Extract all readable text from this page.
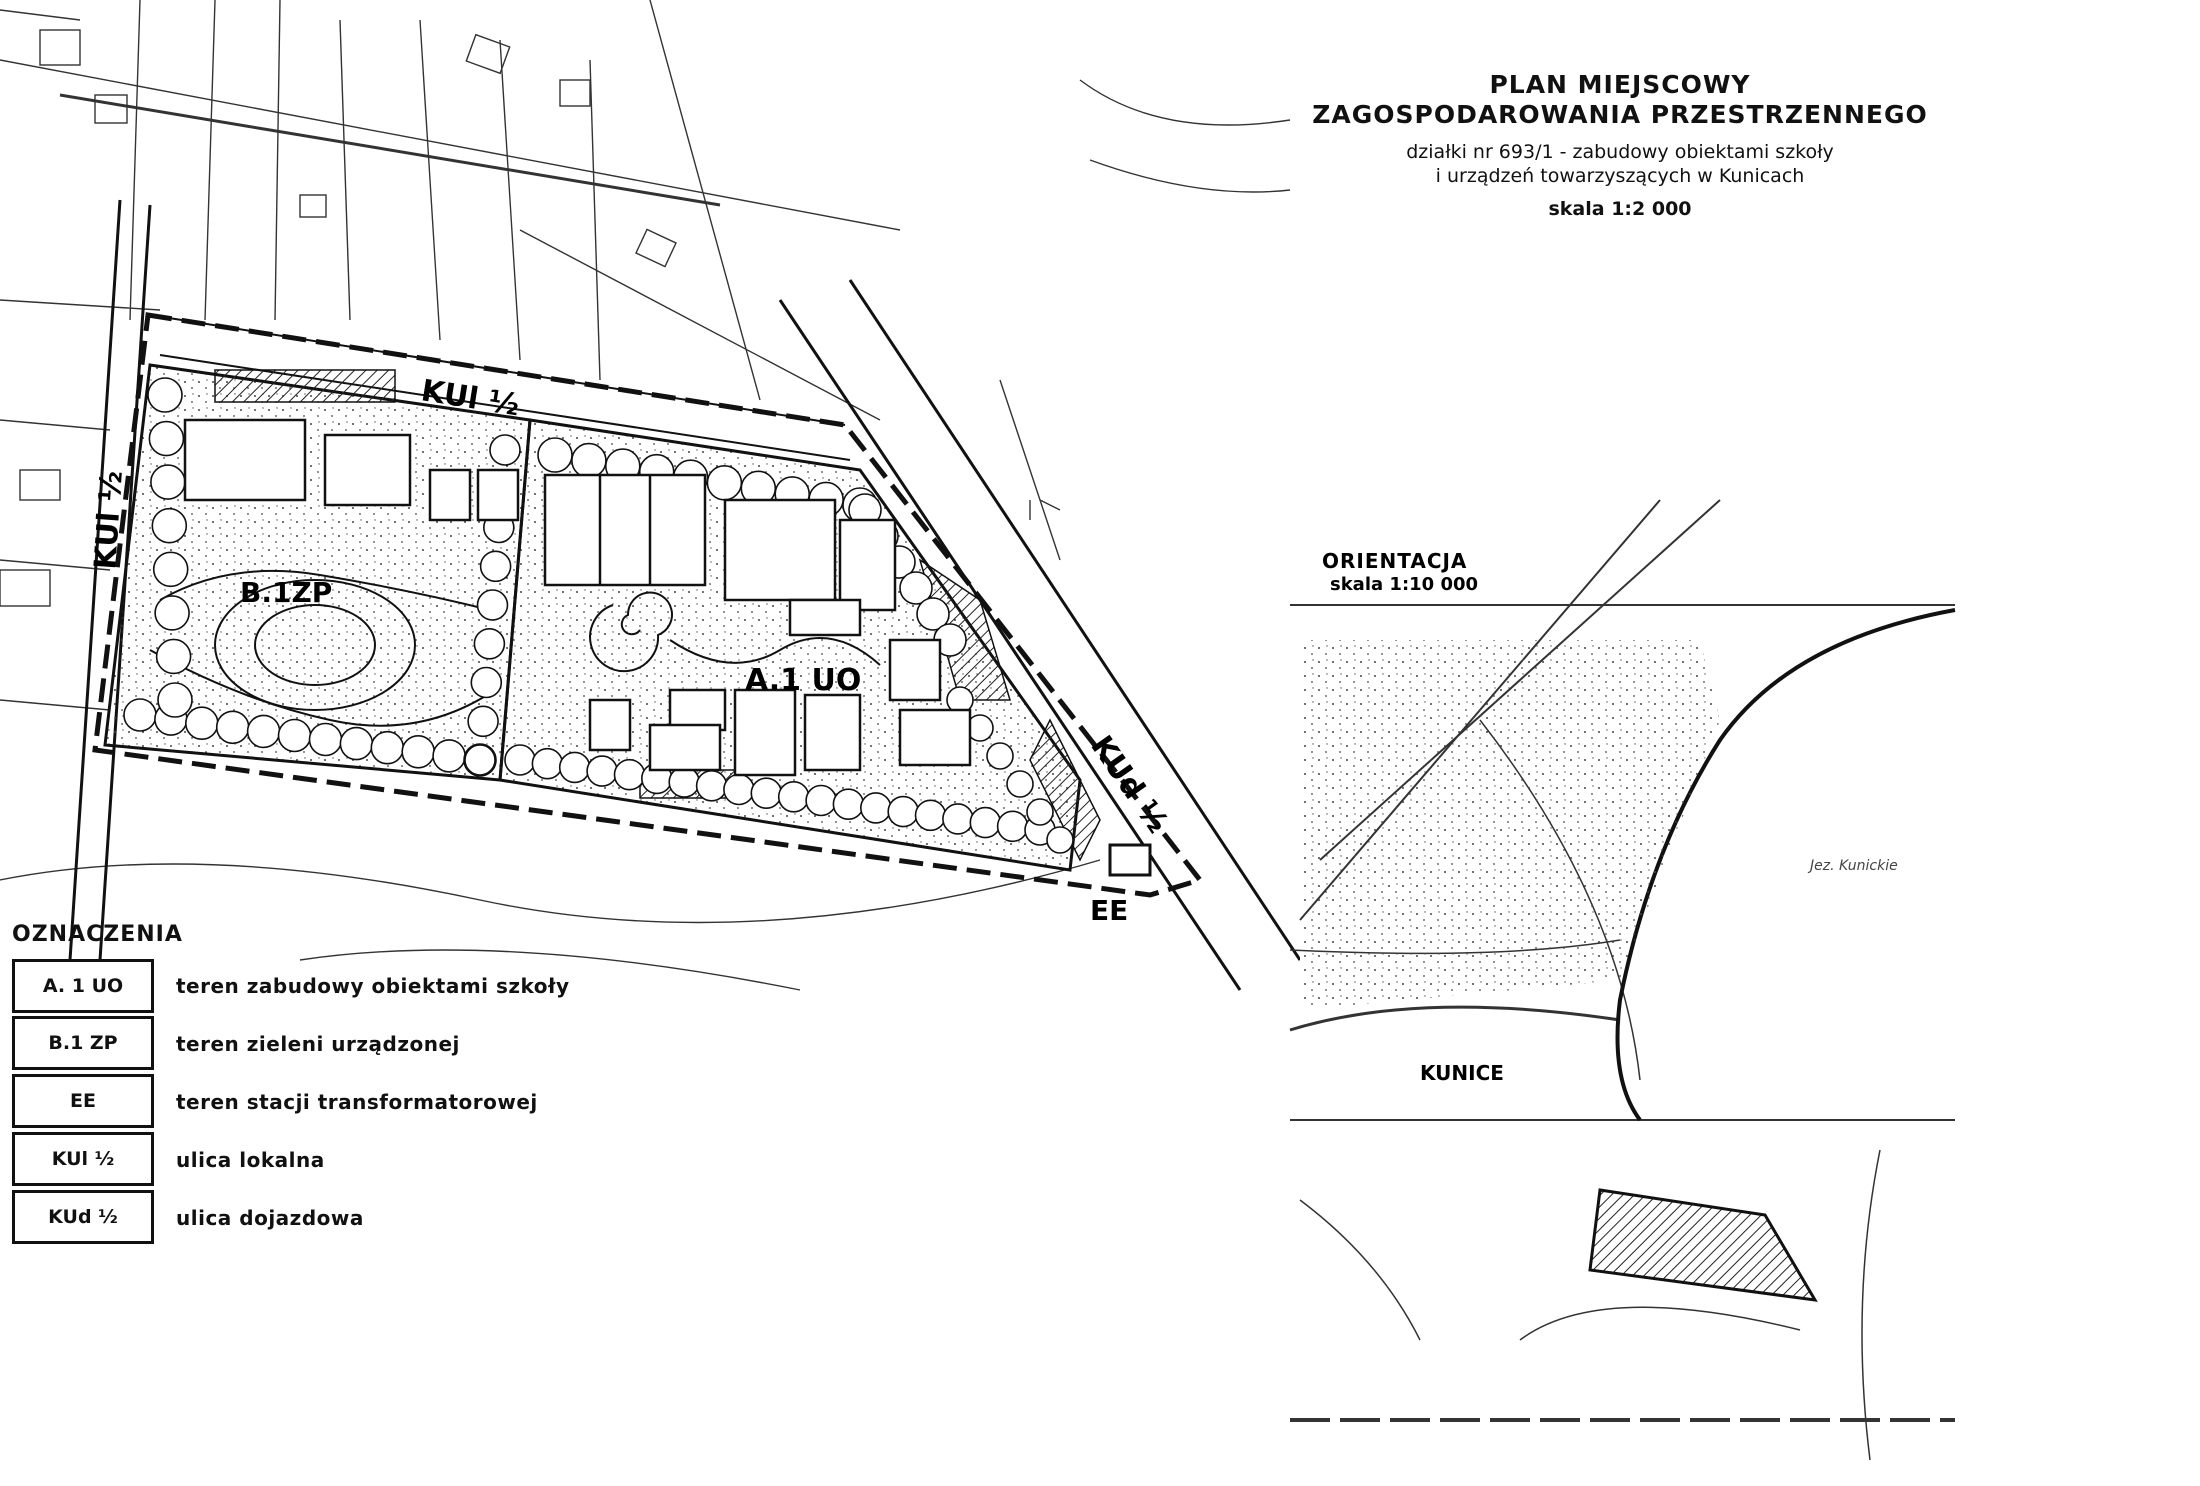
KUl ½
KUl ½
KUd ½
B.1ZP
A.1 UO
EE
PLAN MIEJSCOWY
ZAGOSPODAROWANIA PRZESTRZENNEGO
działki nr 693/1 - zabudowy obiektami szkoły
i urządzeń towarzyszących w Kunicach
skala 1:2 000
ORIENTACJA
skala 1:10 000
KUNICE
Jez. Kunickie
OZNACZENIA
A. 1 UO	teren zabudowy obiektami szkoły
B.1 ZP	teren zieleni urządzonej
EE	teren stacji transformatorowej
KUl ½	ulica lokalna
KUd ½	ulica dojazdowa
